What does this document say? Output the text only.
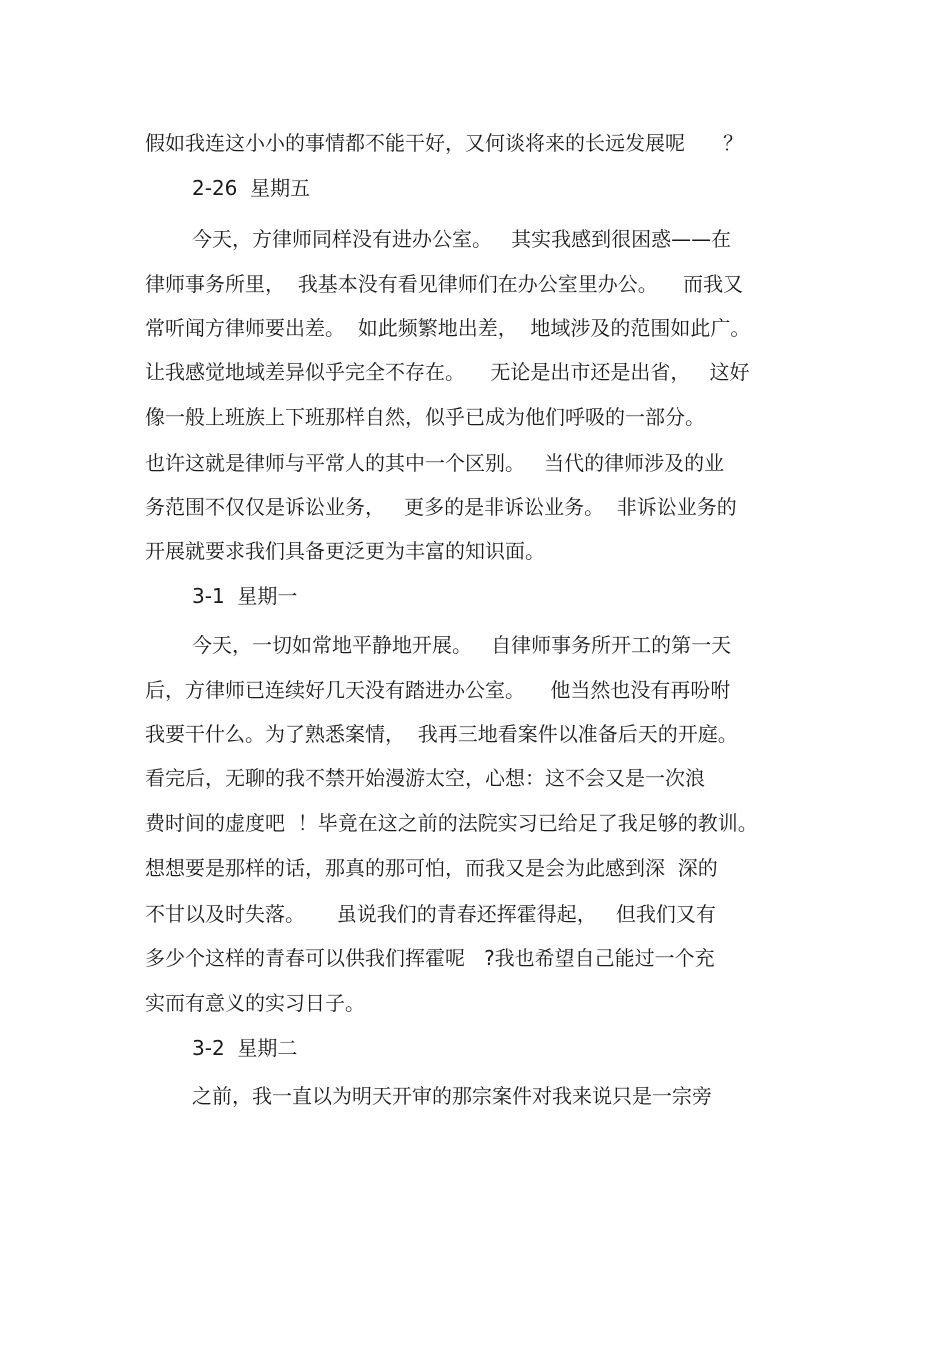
假如我连这小小的事情都不能干好，又何谈将来的长远发展呢      ？
2-26  星期五
今天，方律师同样没有进办公室。   其实我感到很困惑——在
律师事务所里，  我基本没有看见律师们在办公室里办公。    而我又
常听闻方律师要出差。  如此频繁地出差，  地域涉及的范围如此广。
让我感觉地域差异似乎完全不存在。    无论是出市还是出省，   这好
像一般上班族上下班那样自然，似乎已成为他们呼吸的一部分。
也许这就是律师与平常人的其中一个区别。   当代的律师涉及的业
务范围不仅仅是诉讼业务，   更多的是非诉讼业务。  非诉讼业务的
开展就要求我们具备更泛更为丰富的知识面。
3-1  星期一
今天，一切如常地平静地开展。   自律师事务所开工的第一天
后，方律师已连续好几天没有踏进办公室。    他当然也没有再吩咐
我要干什么。为了熟悉案情，  我再三地看案件以准备后天的开庭。
看完后，无聊的我不禁开始漫游太空，心想：这不会又是一次浪
费时间的虚度吧  ！毕竟在这之前的法院实习已给足了我足够的教训。
想想要是那样的话，那真的那可怕，而我又是会为此感到深  深的
不甘以及时失落。     虽说我们的青春还挥霍得起，   但我们又有
多少个这样的青春可以供我们挥霍呢   ?我也希望自己能过一个充
实而有意义的实习日子。
3-2  星期二
之前，我一直以为明天开审的那宗案件对我来说只是一宗旁
